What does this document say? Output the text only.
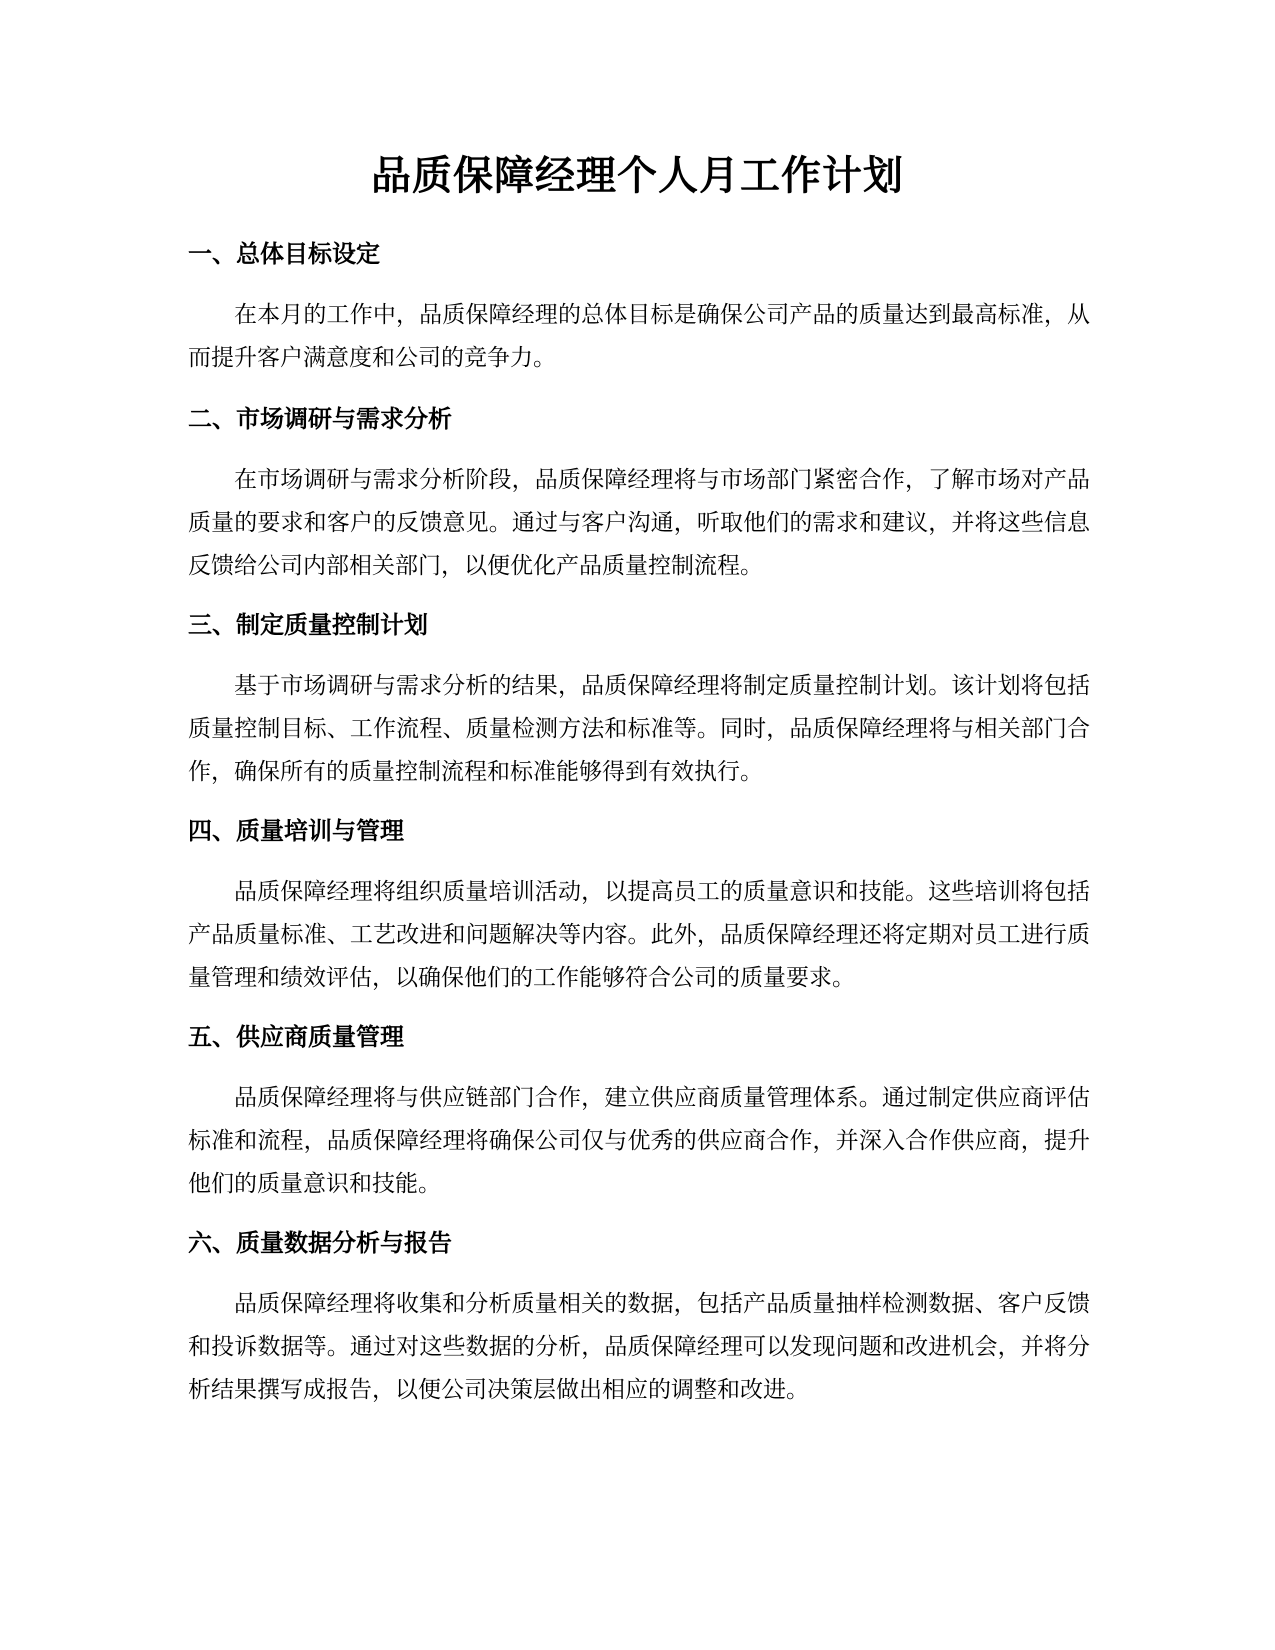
品质保障经理个人月工作计划
一、总体目标设定

在本月的工作中，品质保障经理的总体目标是确保公司产品的质量达到最高标准，从而提升客户满意度和公司的竞争力。

二、市场调研与需求分析

在市场调研与需求分析阶段，品质保障经理将与市场部门紧密合作，了解市场对产品质量的要求和客户的反馈意见。通过与客户沟通，听取他们的需求和建议，并将这些信息反馈给公司内部相关部门，以便优化产品质量控制流程。

三、制定质量控制计划

基于市场调研与需求分析的结果，品质保障经理将制定质量控制计划。该计划将包括质量控制目标、工作流程、质量检测方法和标准等。同时，品质保障经理将与相关部门合作，确保所有的质量控制流程和标准能够得到有效执行。

四、质量培训与管理

品质保障经理将组织质量培训活动，以提高员工的质量意识和技能。这些培训将包括产品质量标准、工艺改进和问题解决等内容。此外，品质保障经理还将定期对员工进行质量管理和绩效评估，以确保他们的工作能够符合公司的质量要求。

五、供应商质量管理

品质保障经理将与供应链部门合作，建立供应商质量管理体系。通过制定供应商评估标准和流程，品质保障经理将确保公司仅与优秀的供应商合作，并深入合作供应商，提升他们的质量意识和技能。

六、质量数据分析与报告

品质保障经理将收集和分析质量相关的数据，包括产品质量抽样检测数据、客户反馈和投诉数据等。通过对这些数据的分析，品质保障经理可以发现问题和改进机会，并将分析结果撰写成报告，以便公司决策层做出相应的调整和改进。
